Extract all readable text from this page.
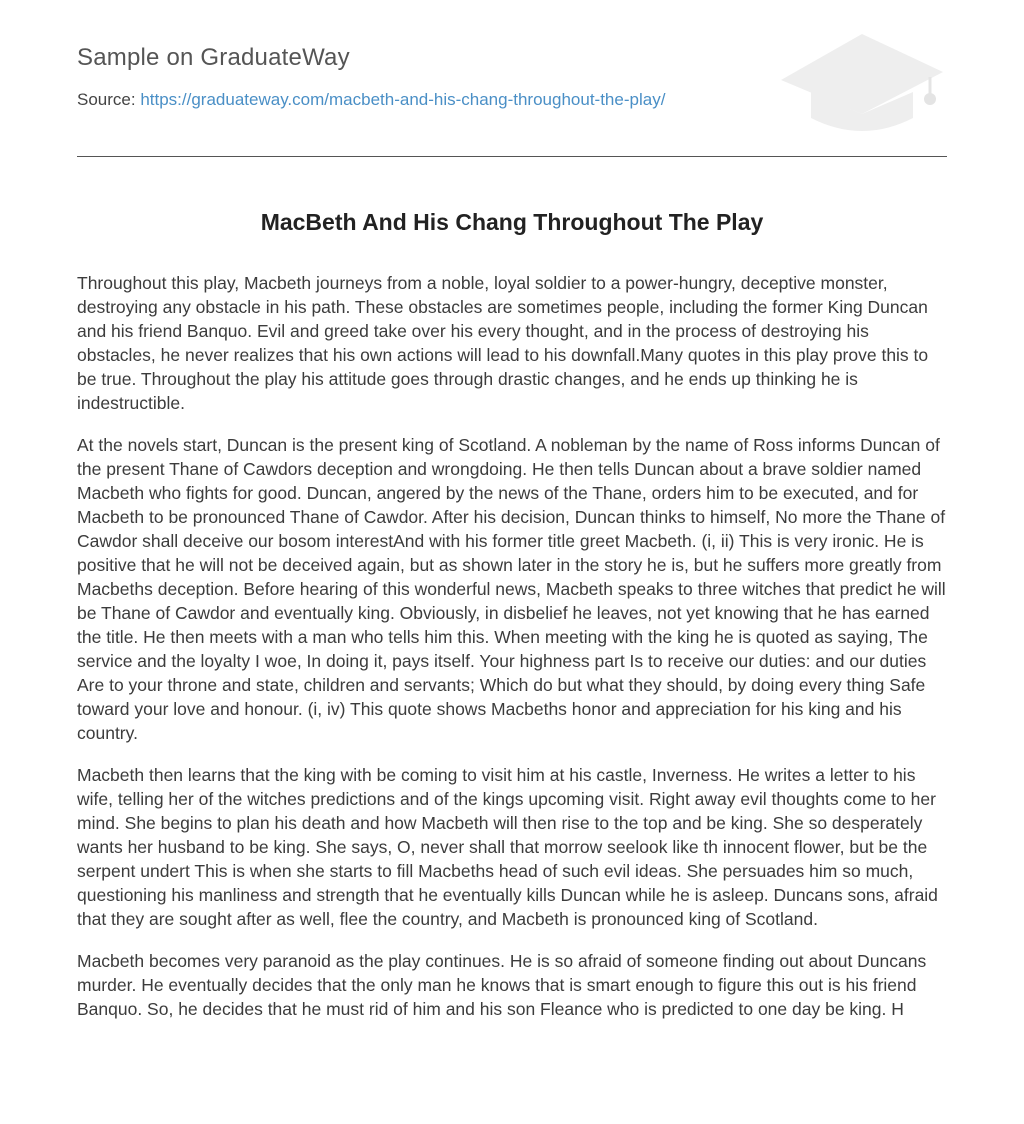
Sample on GraduateWay
Source: https://graduateway.com/macbeth-and-his-chang-throughout-the-play/
MacBeth And His Chang Throughout The Play

Throughout this play, Macbeth journeys from a noble, loyal soldier to a power-hungry, deceptive monster, destroying any obstacle in his path. These obstacles are sometimes people, including the former King Duncan and his friend Banquo. Evil and greed take over his every thought, and in the process of destroying his obstacles, he never realizes that his own actions will lead to his downfall.Many quotes in this play prove this to be true. Throughout the play his attitude goes through drastic changes, and he ends up thinking he is indestructible.

At the novels start, Duncan is the present king of Scotland. A nobleman by the name of Ross informs Duncan of the present Thane of Cawdors deception and wrongdoing. He then tells Duncan about a brave soldier named Macbeth who fights for good. Duncan, angered by the news of the Thane, orders him to be executed, and for Macbeth to be pronounced Thane of Cawdor. After his decision, Duncan thinks to himself, No more the Thane of Cawdor shall deceive our bosom interestAnd with his former title greet Macbeth. (i, ii) This is very ironic. He is positive that he will not be deceived again, but as shown later in the story he is, but he suffers more greatly from Macbeths deception. Before hearing of this wonderful news, Macbeth speaks to three witches that predict he will be Thane of Cawdor and eventually king. Obviously, in disbelief he leaves, not yet knowing that he has earned the title. He then meets with a man who tells him this. When meeting with the king he is quoted as saying, The service and the loyalty I woe, In doing it, pays itself. Your highness part Is to receive our duties: and our duties Are to your throne and state, children and servants; Which do but what they should, by doing every thing Safe toward your love and honour. (i, iv) This quote shows Macbeths honor and appreciation for his king and his country.

Macbeth then learns that the king with be coming to visit him at his castle, Inverness. He writes a letter to his wife, telling her of the witches predictions and of the kings upcoming visit. Right away evil thoughts come to her mind. She begins to plan his death and how Macbeth will then rise to the top and be king. She so desperately wants her husband to be king. She says, O, never shall that morrow seelook like th innocent flower, but be the serpent undert This is when she starts to fill Macbeths head of such evil ideas. She persuades him so much, questioning his manliness and strength that he eventually kills Duncan while he is asleep. Duncans sons, afraid that they are sought after as well, flee the country, and Macbeth is pronounced king of Scotland.

Macbeth becomes very paranoid as the play continues. He is so afraid of someone finding out about Duncans murder. He eventually decides that the only man he knows that is smart enough to figure this out is his friend Banquo. So, he decides that he must rid of him and his son Fleance who is predicted to one day be king. H
